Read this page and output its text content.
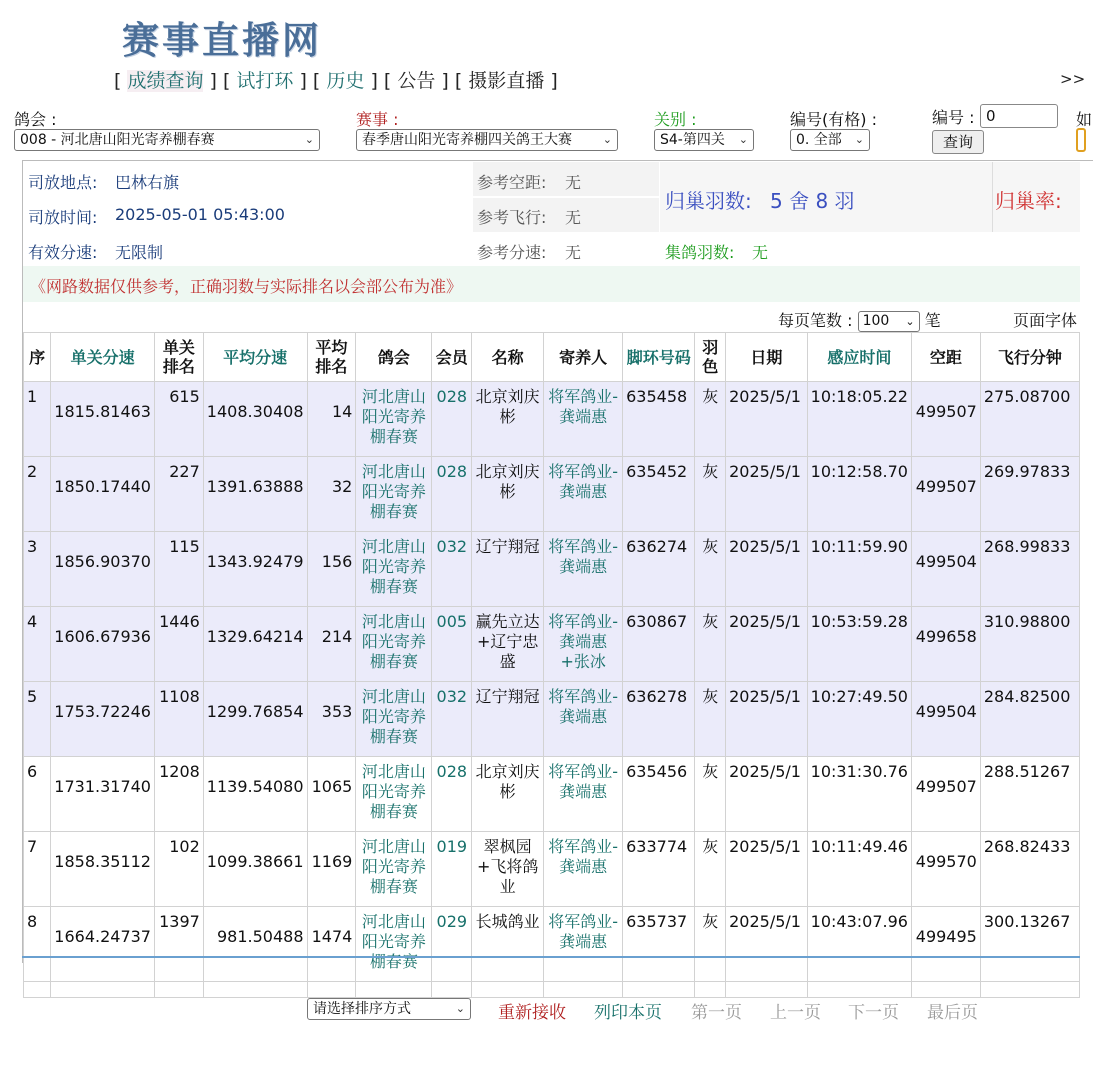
赛事直播网
[ 成绩查询 ] [ 试打环 ] [ 历史 ] [ 公告 ] [ 摄影直播 ]	>>
鸽会 :
008 - 河北唐山阳光寄养棚春赛	⌄
赛事 :
春季唐山阳光寄养棚四关鸽王大赛	⌄
关别 :
S4-第四关 ⌄
编号(有格) :
0. 全部 ⌄
编号 : 0
查询
如
司放地点: 巴林右旗
司放时间: 2025-05-01 05:43:00
有效分速: 无限制
参考空距: 无
参考飞行: 无
参考分速: 无
归巢羽数: 5 舍 8 羽	归巢率:
集鸽羽数: 无
《网路数据仅供参考，正确羽数与实际排名以会部公布为准》
每页笔数 : 100 ⌄ 笔	页面字体
序	单关分速	单关排名	平均分速	平均排名	鸽会	会员	名称	寄养人	脚环号码	羽色	日期	感应时间	空距	飞行分钟
1	1815.81463	615	1408.30408	14	河北唐山阳光寄养棚春赛	028	北京刘庆彬	将军鸽业-龚端惠	635458	灰	2025/5/1	10:18:05.22	499507	275.08700
2	1850.17440	227	1391.63888	32	河北唐山阳光寄养棚春赛	028	北京刘庆彬	将军鸽业-龚端惠	635452	灰	2025/5/1	10:12:58.70	499507	269.97833
3	1856.90370	115	1343.92479	156	河北唐山阳光寄养棚春赛	032	辽宁翔冠	将军鸽业-龚端惠	636274	灰	2025/5/1	10:11:59.90	499504	268.99833
4	1606.67936	1446	1329.64214	214	河北唐山阳光寄养棚春赛	005	赢先立达+辽宁忠盛	将军鸽业-龚端惠+张冰	630867	灰	2025/5/1	10:53:59.28	499658	310.98800
5	1753.72246	1108	1299.76854	353	河北唐山阳光寄养棚春赛	032	辽宁翔冠	将军鸽业-龚端惠	636278	灰	2025/5/1	10:27:49.50	499504	284.82500
6	1731.31740	1208	1139.54080	1065	河北唐山阳光寄养棚春赛	028	北京刘庆彬	将军鸽业-龚端惠	635456	灰	2025/5/1	10:31:30.76	499507	288.51267
7	1858.35112	102	1099.38661	1169	河北唐山阳光寄养棚春赛	019	翠枫园+飞将鸽业	将军鸽业-龚端惠	633774	灰	2025/5/1	10:11:49.46	499570	268.82433
8	1664.24737	1397	981.50488	1474	河北唐山阳光寄养棚春赛	029	长城鸽业	将军鸽业-龚端惠	635737	灰	2025/5/1	10:43:07.96	499495	300.13267

请选择排序方式	⌄ 重新接收 列印本页 第一页 上一页 下一页 最后页
